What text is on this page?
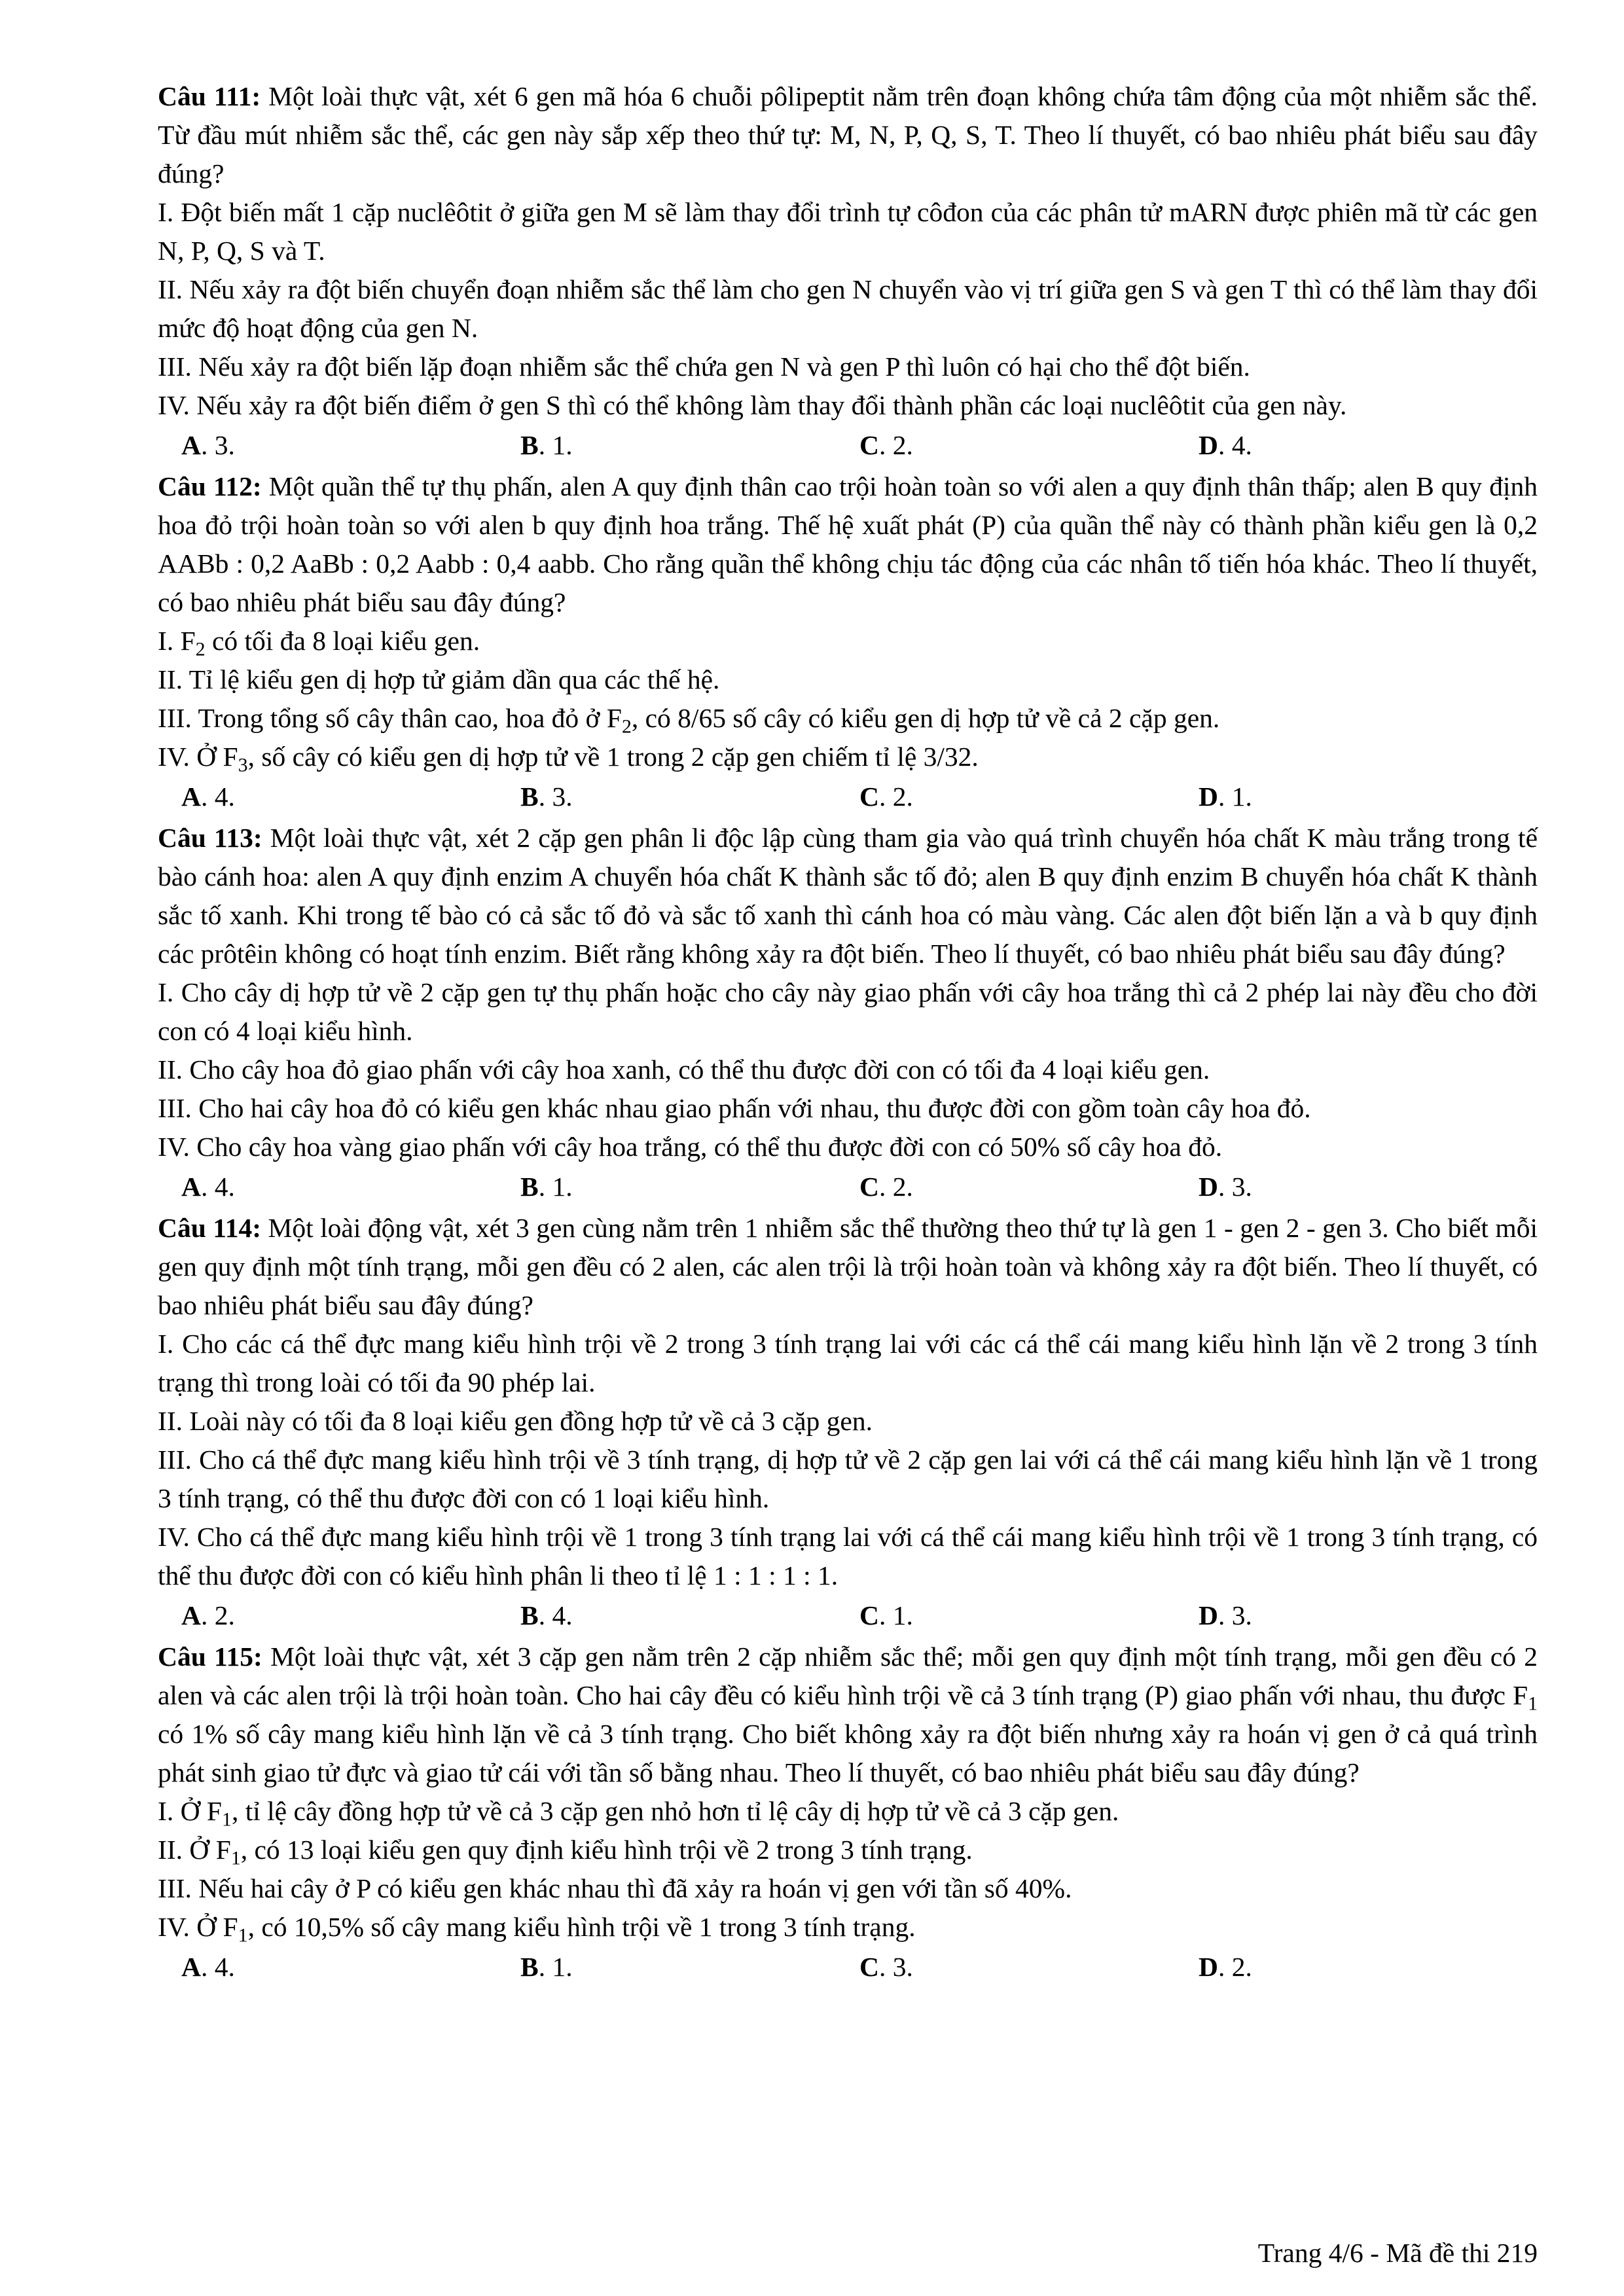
Câu 111: Một loài thực vật, xét 6 gen mã hóa 6 chuỗi pôlipeptit nằm trên đoạn không chứa tâm động của một nhiễm sắc thể. Từ đầu mút nhiễm sắc thể, các gen này sắp xếp theo thứ tự: M, N, P, Q, S, T. Theo lí thuyết, có bao nhiêu phát biểu sau đây đúng?

I. Đột biến mất 1 cặp nuclêôtit ở giữa gen M sẽ làm thay đổi trình tự côđon của các phân tử mARN được phiên mã từ các gen N, P, Q, S và T.

II. Nếu xảy ra đột biến chuyển đoạn nhiễm sắc thể làm cho gen N chuyển vào vị trí giữa gen S và gen T thì có thể làm thay đổi mức độ hoạt động của gen N.

III. Nếu xảy ra đột biến lặp đoạn nhiễm sắc thể chứa gen N và gen P thì luôn có hại cho thể đột biến.

IV. Nếu xảy ra đột biến điểm ở gen S thì có thể không làm thay đổi thành phần các loại nuclêôtit của gen này.

A. 3.	B. 1.	C. 2.	D. 4.

Câu 112: Một quần thể tự thụ phấn, alen A quy định thân cao trội hoàn toàn so với alen a quy định thân thấp; alen B quy định hoa đỏ trội hoàn toàn so với alen b quy định hoa trắng. Thế hệ xuất phát (P) của quần thể này có thành phần kiểu gen là 0,2 AABb : 0,2 AaBb : 0,2 Aabb : 0,4 aabb. Cho rằng quần thể không chịu tác động của các nhân tố tiến hóa khác. Theo lí thuyết, có bao nhiêu phát biểu sau đây đúng?

I. $F_2$ có tối đa 8 loại kiểu gen.

II. Tỉ lệ kiểu gen dị hợp tử giảm dần qua các thế hệ.

III. Trong tổng số cây thân cao, hoa đỏ ở $F_2$, có 8/65 số cây có kiểu gen dị hợp tử về cả 2 cặp gen.

IV. Ở $F_3$, số cây có kiểu gen dị hợp tử về 1 trong 2 cặp gen chiếm tỉ lệ 3/32.

A. 4.	B. 3.	C. 2.	D. 1.

Câu 113: Một loài thực vật, xét 2 cặp gen phân li độc lập cùng tham gia vào quá trình chuyển hóa chất K màu trắng trong tế bào cánh hoa: alen A quy định enzim A chuyển hóa chất K thành sắc tố đỏ; alen B quy định enzim B chuyển hóa chất K thành sắc tố xanh. Khi trong tế bào có cả sắc tố đỏ và sắc tố xanh thì cánh hoa có màu vàng. Các alen đột biến lặn a và b quy định các prôtêin không có hoạt tính enzim. Biết rằng không xảy ra đột biến. Theo lí thuyết, có bao nhiêu phát biểu sau đây đúng?

I. Cho cây dị hợp tử về 2 cặp gen tự thụ phấn hoặc cho cây này giao phấn với cây hoa trắng thì cả 2 phép lai này đều cho đời con có 4 loại kiểu hình.

II. Cho cây hoa đỏ giao phấn với cây hoa xanh, có thể thu được đời con có tối đa 4 loại kiểu gen.

III. Cho hai cây hoa đỏ có kiểu gen khác nhau giao phấn với nhau, thu được đời con gồm toàn cây hoa đỏ.

IV. Cho cây hoa vàng giao phấn với cây hoa trắng, có thể thu được đời con có 50% số cây hoa đỏ.

A. 4.	B. 1.	C. 2.	D. 3.

Câu 114: Một loài động vật, xét 3 gen cùng nằm trên 1 nhiễm sắc thể thường theo thứ tự là gen 1 - gen 2 - gen 3. Cho biết mỗi gen quy định một tính trạng, mỗi gen đều có 2 alen, các alen trội là trội hoàn toàn và không xảy ra đột biến. Theo lí thuyết, có bao nhiêu phát biểu sau đây đúng?

I. Cho các cá thể đực mang kiểu hình trội về 2 trong 3 tính trạng lai với các cá thể cái mang kiểu hình lặn về 2 trong 3 tính trạng thì trong loài có tối đa 90 phép lai.

II. Loài này có tối đa 8 loại kiểu gen đồng hợp tử về cả 3 cặp gen.

III. Cho cá thể đực mang kiểu hình trội về 3 tính trạng, dị hợp tử về 2 cặp gen lai với cá thể cái mang kiểu hình lặn về 1 trong 3 tính trạng, có thể thu được đời con có 1 loại kiểu hình.

IV. Cho cá thể đực mang kiểu hình trội về 1 trong 3 tính trạng lai với cá thể cái mang kiểu hình trội về 1 trong 3 tính trạng, có thể thu được đời con có kiểu hình phân li theo tỉ lệ 1 : 1 : 1 : 1.

A. 2.	B. 4.	C. 1.	D. 3.

Câu 115: Một loài thực vật, xét 3 cặp gen nằm trên 2 cặp nhiễm sắc thể; mỗi gen quy định một tính trạng, mỗi gen đều có 2 alen và các alen trội là trội hoàn toàn. Cho hai cây đều có kiểu hình trội về cả 3 tính trạng (P) giao phấn với nhau, thu được $F_1$ có 1% số cây mang kiểu hình lặn về cả 3 tính trạng. Cho biết không xảy ra đột biến nhưng xảy ra hoán vị gen ở cả quá trình phát sinh giao tử đực và giao tử cái với tần số bằng nhau. Theo lí thuyết, có bao nhiêu phát biểu sau đây đúng?

I. Ở $F_1$, tỉ lệ cây đồng hợp tử về cả 3 cặp gen nhỏ hơn tỉ lệ cây dị hợp tử về cả 3 cặp gen.

II. Ở $F_1$, có 13 loại kiểu gen quy định kiểu hình trội về 2 trong 3 tính trạng.

III. Nếu hai cây ở P có kiểu gen khác nhau thì đã xảy ra hoán vị gen với tần số 40%.

IV. Ở $F_1$, có 10,5% số cây mang kiểu hình trội về 1 trong 3 tính trạng.

A. 4.	B. 1.	C. 3.	D. 2.
Trang 4/6 - Mã đề thi 219
